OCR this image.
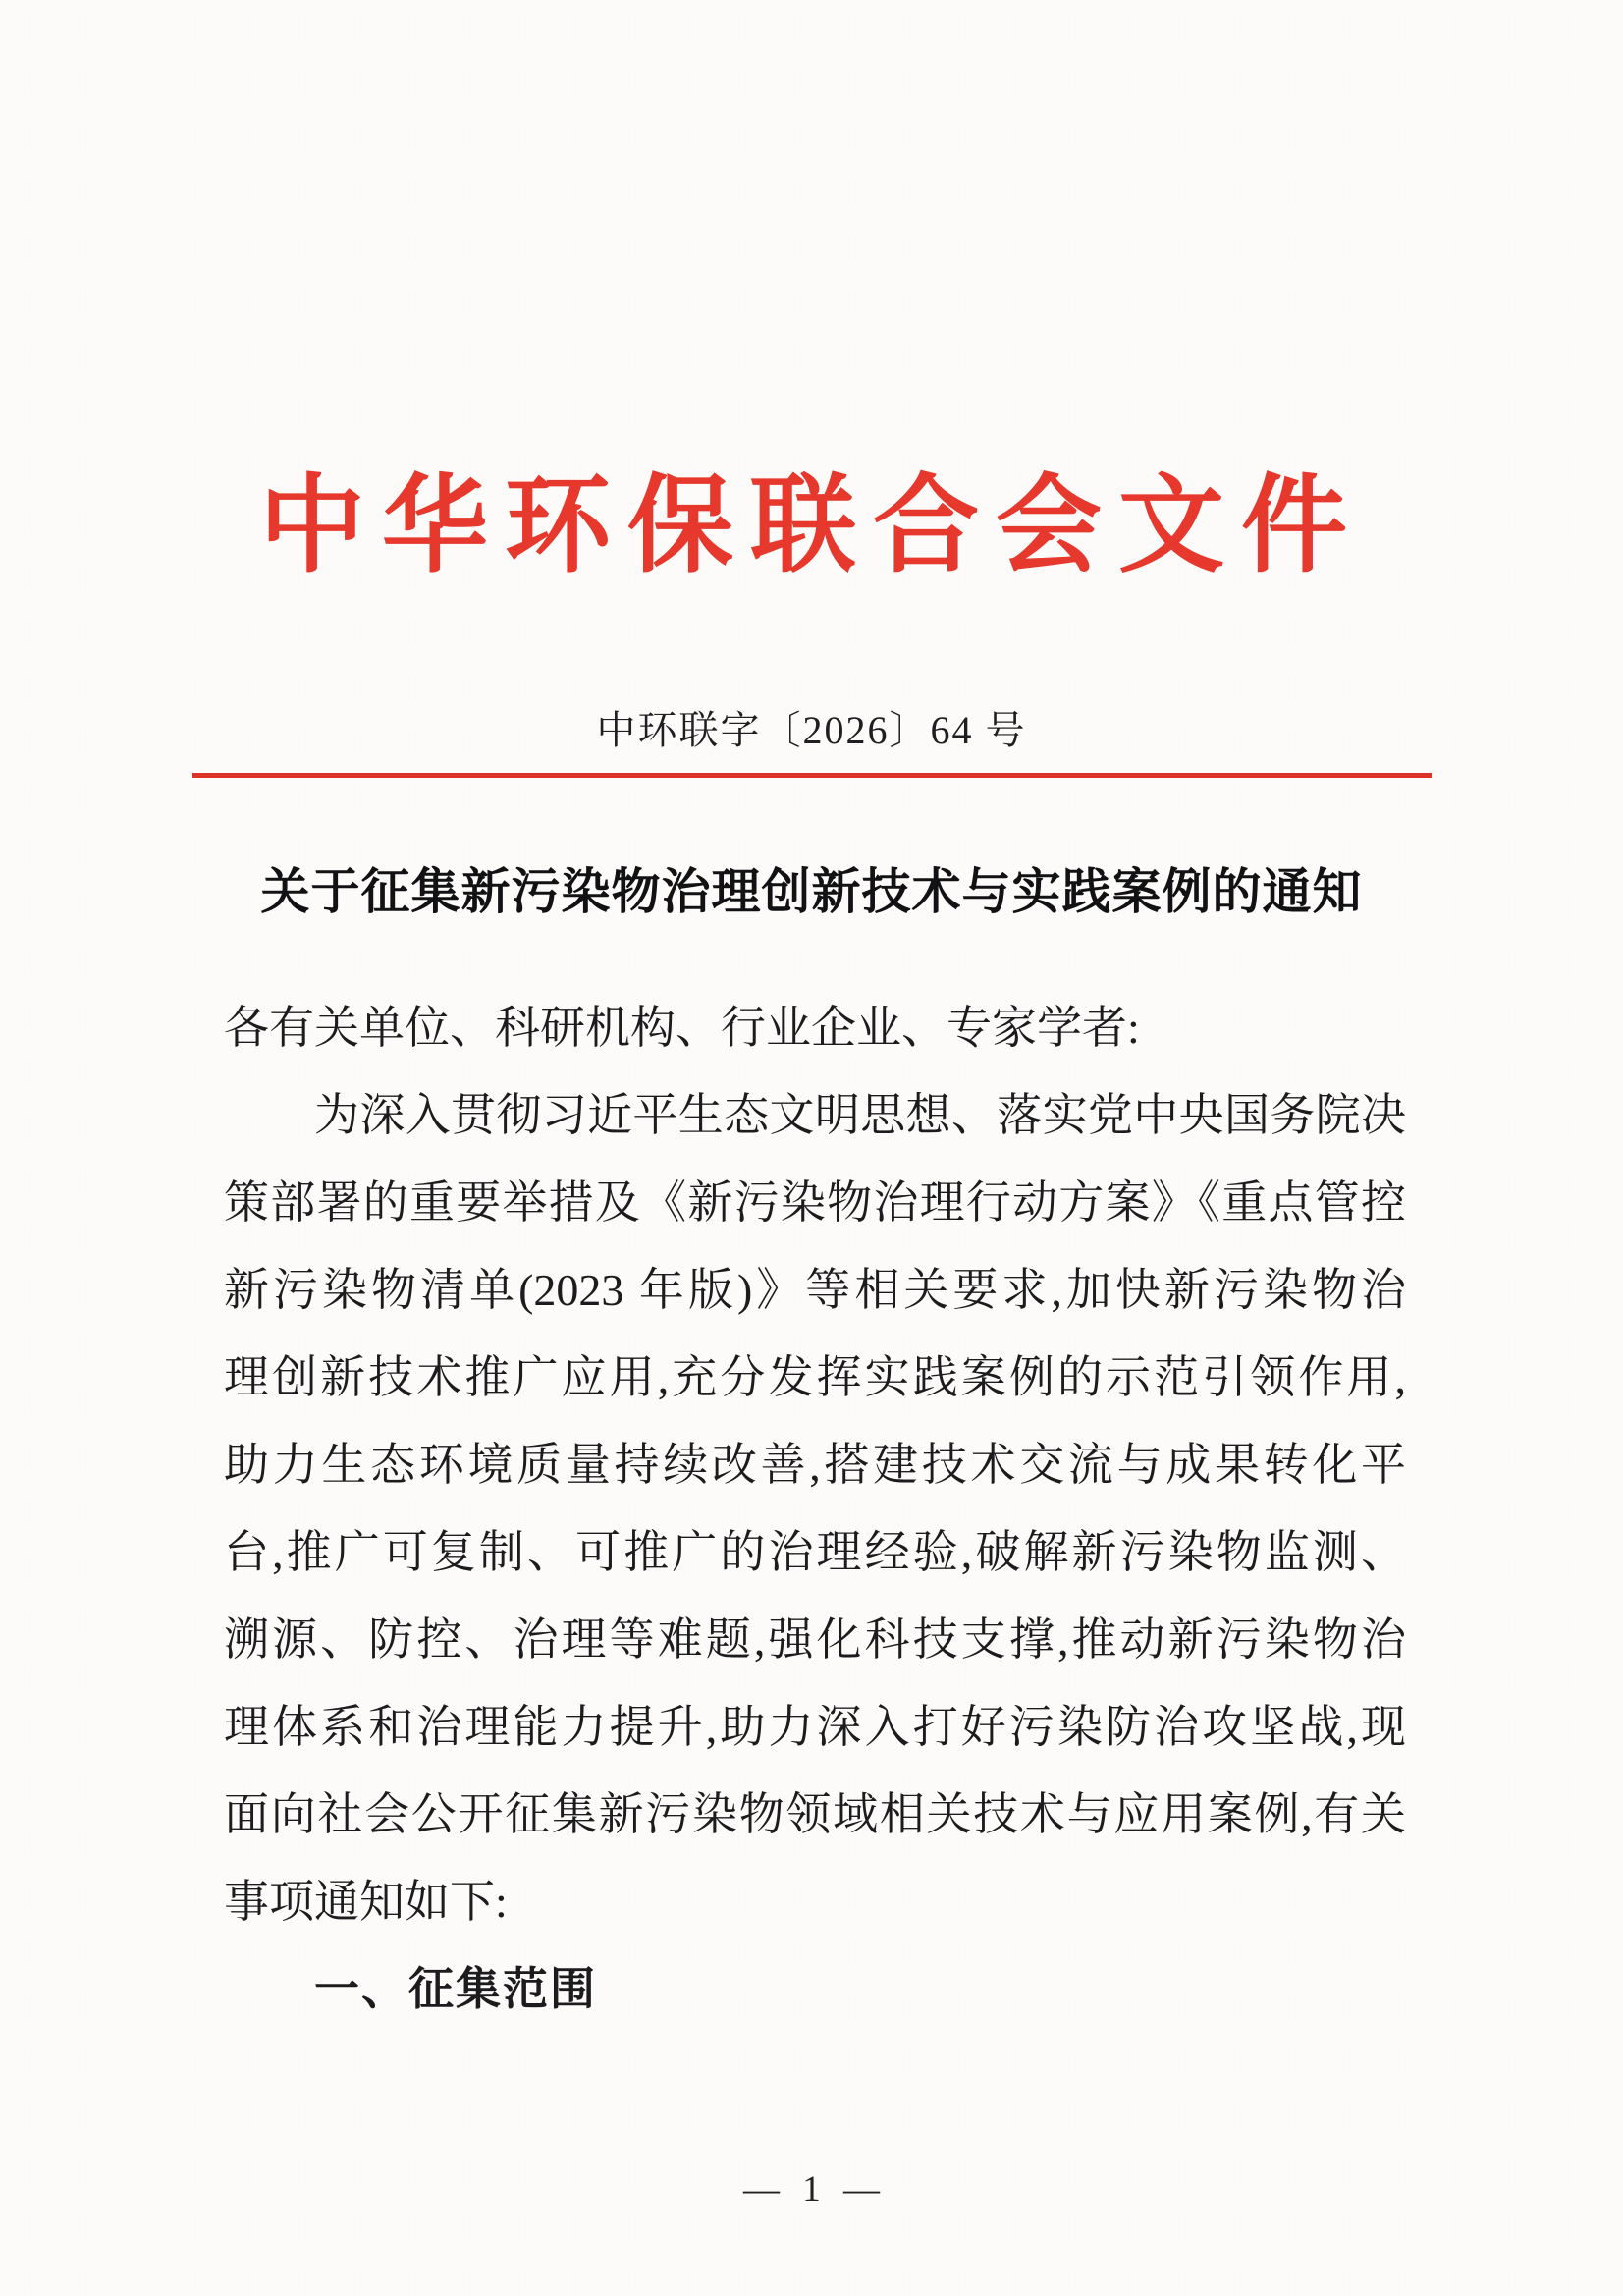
中华环保联合会文件
中环联字〔2026〕64 号
关于征集新污染物治理创新技术与实践案例的通知
各有关单位、科研机构、行业企业、专家学者:
为深入贯彻习近平生态文明思想、落实党中央国务院决
策部署的重要举措及《新污染物治理行动方案》《重点管控
新污染物清单(2023 年版)》等相关要求,加快新污染物治
理创新技术推广应用,充分发挥实践案例的示范引领作用,
助力生态环境质量持续改善,搭建技术交流与成果转化平
台,推广可复制、可推广的治理经验,破解新污染物监测、
溯源、防控、治理等难题,强化科技支撑,推动新污染物治
理体系和治理能力提升,助力深入打好污染防治攻坚战,现
面向社会公开征集新污染物领域相关技术与应用案例,有关
事项通知如下:
一、征集范围
— 1 —
